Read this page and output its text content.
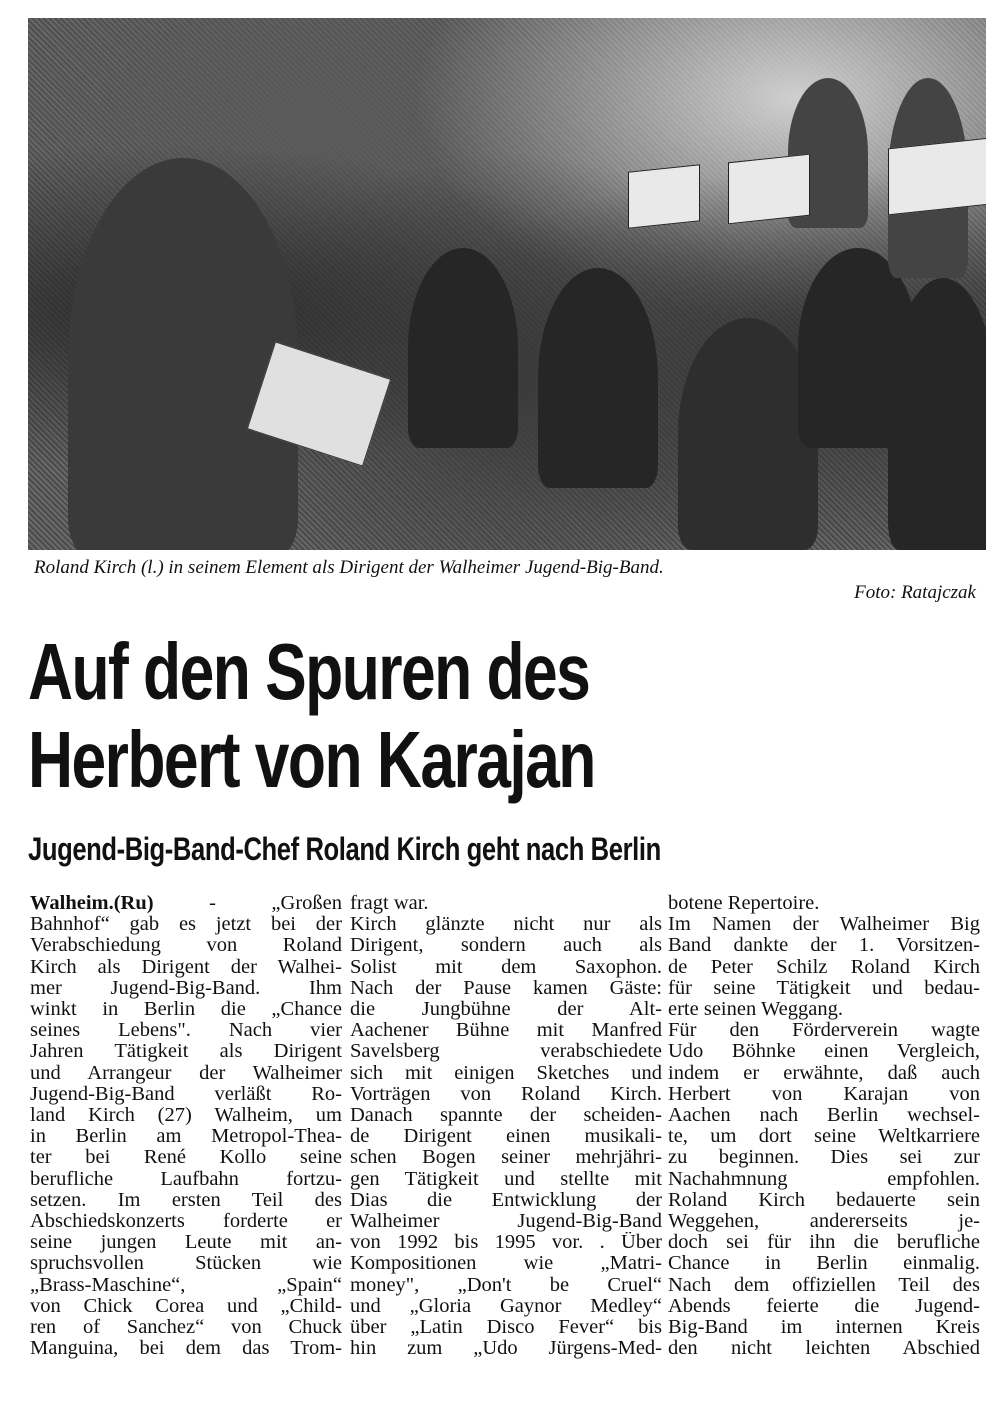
Roland Kirch (l.) in seinem Element als Dirigent der Walheimer Jugend-Big-Band.
Foto: Ratajczak
Auf den Spuren des
Herbert von Karajan
Jugend-Big-Band-Chef Roland Kirch geht nach Berlin
Walheim.(Ru) - „Großen
Bahnhof“ gab es jetzt bei der
Verabschiedung von Roland
Kirch als Dirigent der Walhei-
mer Jugend-Big-Band. Ihm
winkt in Berlin die „Chance
seines Lebens". Nach vier
Jahren Tätigkeit als Dirigent
und Arrangeur der Walheimer
Jugend-Big-Band verläßt Ro-
land Kirch (27) Walheim, um
in Berlin am Metropol-Thea-
ter bei René Kollo seine
berufliche Laufbahn fortzu-
setzen. Im ersten Teil des
Abschiedskonzerts forderte er
seine jungen Leute mit an-
spruchsvollen Stücken wie
„Brass-Maschine“, „Spain“
von Chick Corea und „Child-
ren of Sanchez“ von Chuck
Manguina, bei dem das Trom-
fragt war.
Kirch glänzte nicht nur als
Dirigent, sondern auch als
Solist mit dem Saxophon.
Nach der Pause kamen Gäste:
die Jungbühne der Alt-
Aachener Bühne mit Manfred
Savelsberg verabschiedete
sich mit einigen Sketches und
Vorträgen von Roland Kirch.
Danach spannte der scheiden-
de Dirigent einen musikali-
schen Bogen seiner mehrjähri-
gen Tätigkeit und stellte mit
Dias die Entwicklung der
Walheimer Jugend-Big-Band
von 1992 bis 1995 vor. . Über
Kompositionen wie „Matri-
money", „Don't be Cruel“
und „Gloria Gaynor Medley“
über „Latin Disco Fever“ bis
hin zum „Udo Jürgens-Med-
botene Repertoire.
Im Namen der Walheimer Big
Band dankte der 1. Vorsitzen-
de Peter Schilz Roland Kirch
für seine Tätigkeit und bedau-
erte seinen Weggang.
Für den Förderverein wagte
Udo Böhnke einen Vergleich,
indem er erwähnte, daß auch
Herbert von Karajan von
Aachen nach Berlin wechsel-
te, um dort seine Weltkarriere
zu beginnen. Dies sei zur
Nachahmnung empfohlen.
Roland Kirch bedauerte sein
Weggehen, andererseits je-
doch sei für ihn die berufliche
Chance in Berlin einmalig.
Nach dem offiziellen Teil des
Abends feierte die Jugend-
Big-Band im internen Kreis
den nicht leichten Abschied
